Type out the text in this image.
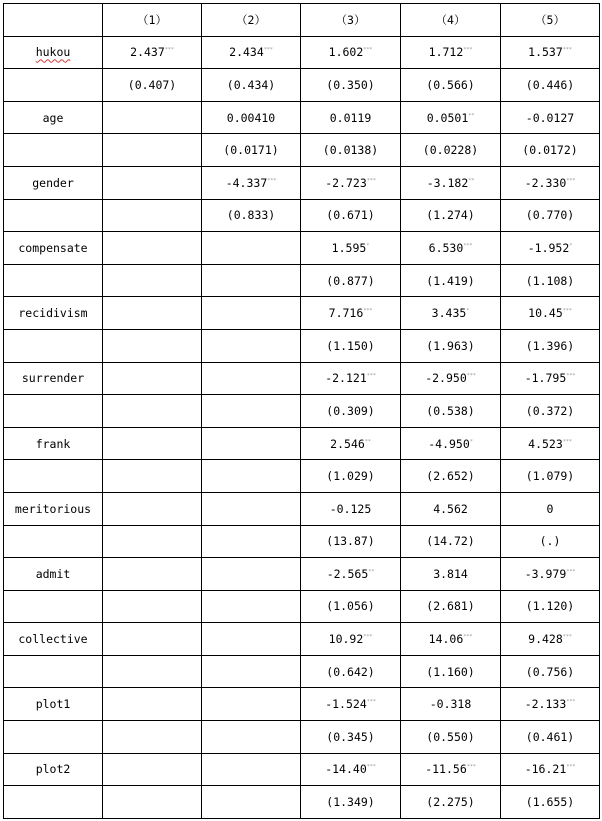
	（1）	（2）	（3）	（4）	（5）
hukou	2.437***	2.434***	1.602***	1.712***	1.537***
	(0.407)	(0.434)	(0.350)	(0.566)	(0.446)
age		0.00410	0.0119	0.0501**	-0.0127
		(0.0171)	(0.0138)	(0.0228)	(0.0172)
gender		-4.337***	-2.723***	-3.182**	-2.330***
		(0.833)	(0.671)	(1.274)	(0.770)
compensate			1.595*	6.530***	-1.952*
			(0.877)	(1.419)	(1.108)
recidivism			7.716***	3.435*	10.45***
			(1.150)	(1.963)	(1.396)
surrender			-2.121***	-2.950***	-1.795***
			(0.309)	(0.538)	(0.372)
frank			2.546**	-4.950*	4.523***
			(1.029)	(2.652)	(1.079)
meritorious			-0.125	4.562	0
			(13.87)	(14.72)	(.)
admit			-2.565**	3.814	-3.979***
			(1.056)	(2.681)	(1.120)
collective			10.92***	14.06***	9.428***
			(0.642)	(1.160)	(0.756)
plot1			-1.524***	-0.318	-2.133***
			(0.345)	(0.550)	(0.461)
plot2			-14.40***	-11.56***	-16.21***
			(1.349)	(2.275)	(1.655)
